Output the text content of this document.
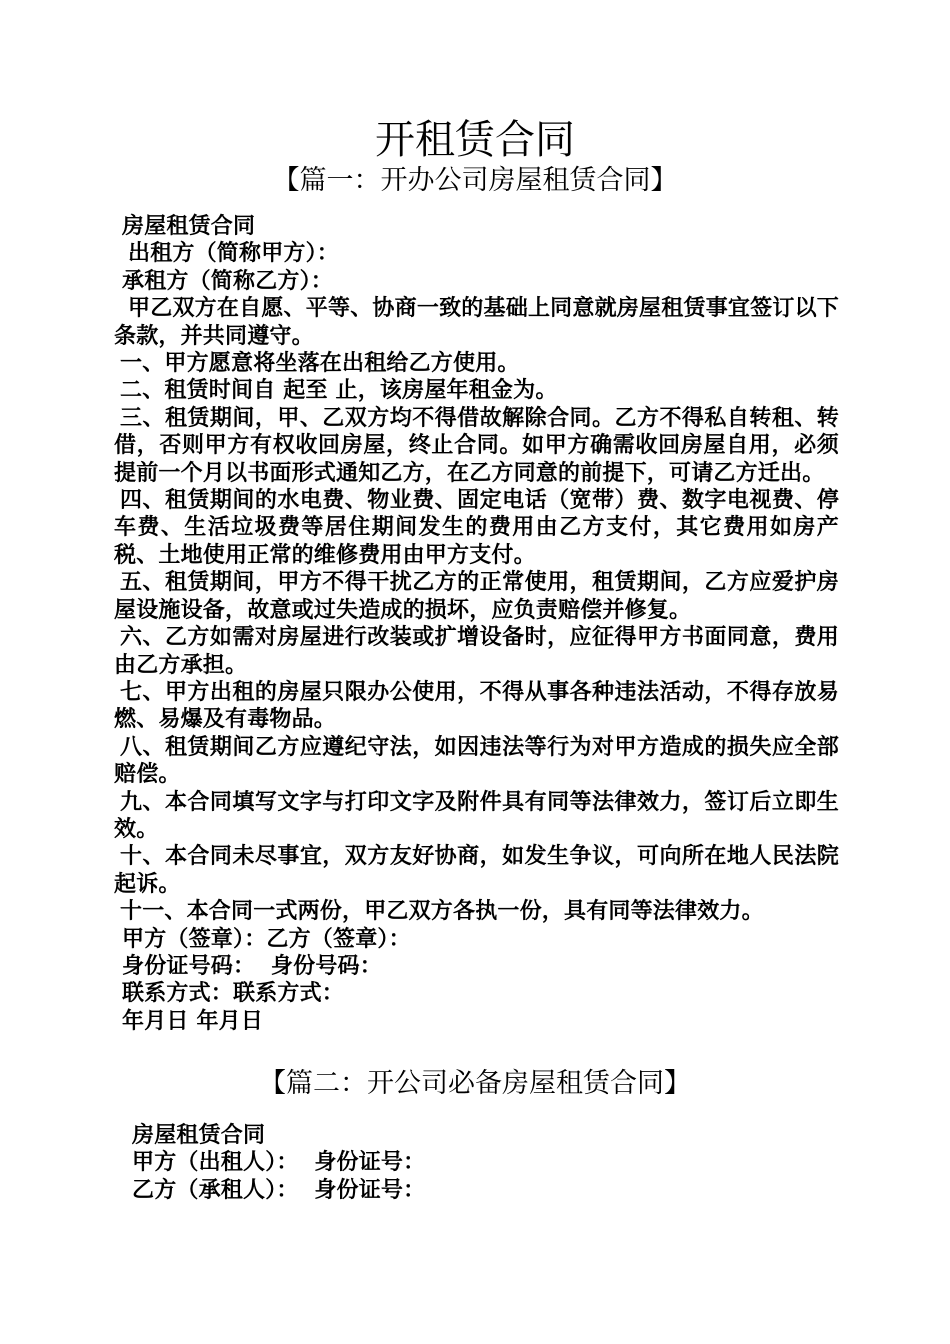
开租赁合同
【篇一：开办公司房屋租赁合同】
房屋租赁合同
出租方（简称甲方）：
承租方（简称乙方）：

甲乙双方在自愿、平等、协商一致的基础上同意就房屋租赁事宜签订以下条款，并共同遵守。

一、甲方愿意将坐落在出租给乙方使用。

二、租赁时间自 起至 止，该房屋年租金为。

三、租赁期间，甲、乙双方均不得借故解除合同。乙方不得私自转租、转借，否则甲方有权收回房屋，终止合同。如甲方确需收回房屋自用，必须提前一个月以书面形式通知乙方，在乙方同意的前提下，可请乙方迁出。

四、租赁期间的水电费、物业费、固定电话（宽带）费、数字电视费、停车费、生活垃圾费等居住期间发生的费用由乙方支付，其它费用如房产税、土地使用正常的维修费用由甲方支付。

五、租赁期间，甲方不得干扰乙方的正常使用，租赁期间，乙方应爱护房屋设施设备，故意或过失造成的损坏，应负责赔偿并修复。

六、乙方如需对房屋进行改装或扩增设备时，应征得甲方书面同意，费用由乙方承担。

七、甲方出租的房屋只限办公使用，不得从事各种违法活动，不得存放易燃、易爆及有毒物品。

八、租赁期间乙方应遵纪守法，如因违法等行为对甲方造成的损失应全部赔偿。

九、本合同填写文字与打印文字及附件具有同等法律效力，签订后立即生效。

十、本合同未尽事宜，双方友好协商，如发生争议，可向所在地人民法院起诉。

十一、本合同一式两份，甲乙双方各执一份，具有同等法律效力。

甲方（签章）：乙方（签章）：
身份证号码：  身份号码：
联系方式：联系方式：
年月日 年月日
【篇二：开公司必备房屋租赁合同】
房屋租赁合同
甲方（出租人）：  身份证号：
乙方（承租人）：  身份证号：
